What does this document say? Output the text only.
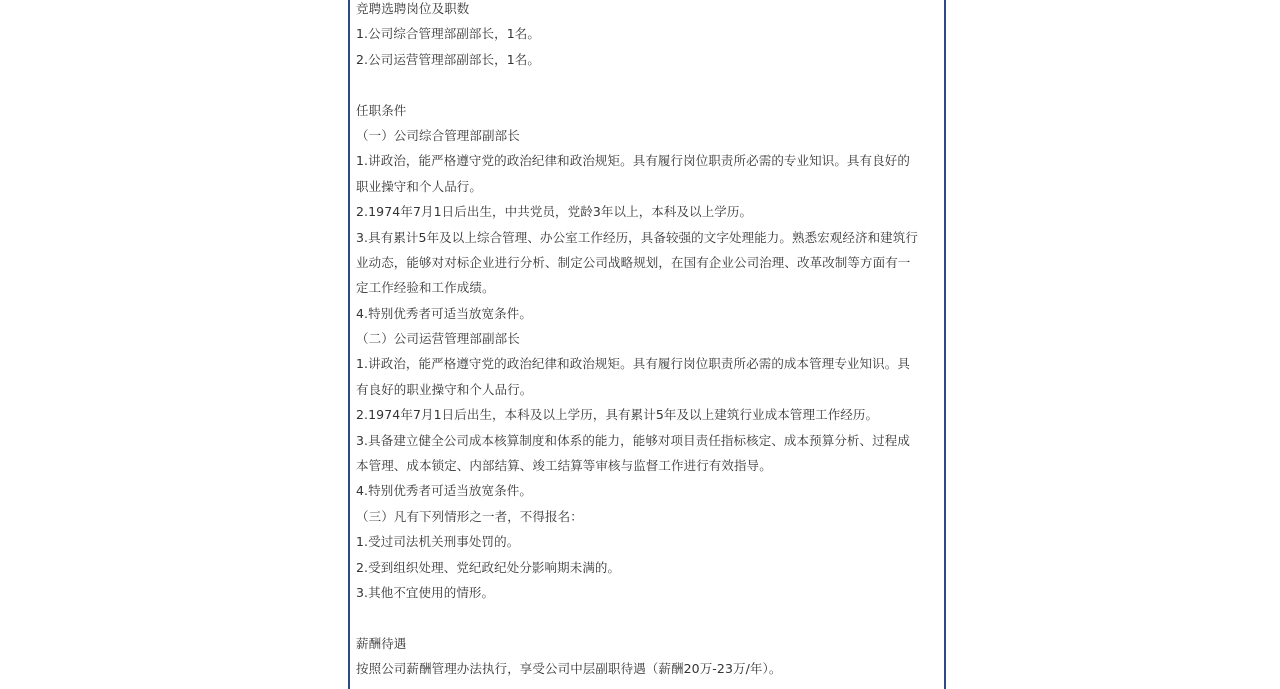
竞聘选聘岗位及职数
1.公司综合管理部副部长，1名。
2.公司运营管理部副部长，1名。
任职条件
（一）公司综合管理部副部长
1.讲政治，能严格遵守党的政治纪律和政治规矩。具有履行岗位职责所必需的专业知识。具有良好的
职业操守和个人品行。
2.1974年7月1日后出生，中共党员，党龄3年以上，本科及以上学历。
3.具有累计5年及以上综合管理、办公室工作经历，具备较强的文字处理能力。熟悉宏观经济和建筑行
业动态，能够对对标企业进行分析、制定公司战略规划，在国有企业公司治理、改革改制等方面有一
定工作经验和工作成绩。
4.特别优秀者可适当放宽条件。
（二）公司运营管理部副部长
1.讲政治，能严格遵守党的政治纪律和政治规矩。具有履行岗位职责所必需的成本管理专业知识。具
有良好的职业操守和个人品行。
2.1974年7月1日后出生，本科及以上学历，具有累计5年及以上建筑行业成本管理工作经历。
3.具备建立健全公司成本核算制度和体系的能力，能够对项目责任指标核定、成本预算分析、过程成
本管理、成本锁定、内部结算、竣工结算等审核与监督工作进行有效指导。
4.特别优秀者可适当放宽条件。
（三）凡有下列情形之一者，不得报名：
1.受过司法机关刑事处罚的。
2.受到组织处理、党纪政纪处分影响期未满的。
3.其他不宜使用的情形。
薪酬待遇
按照公司薪酬管理办法执行，享受公司中层副职待遇（薪酬20万-23万/年）。
